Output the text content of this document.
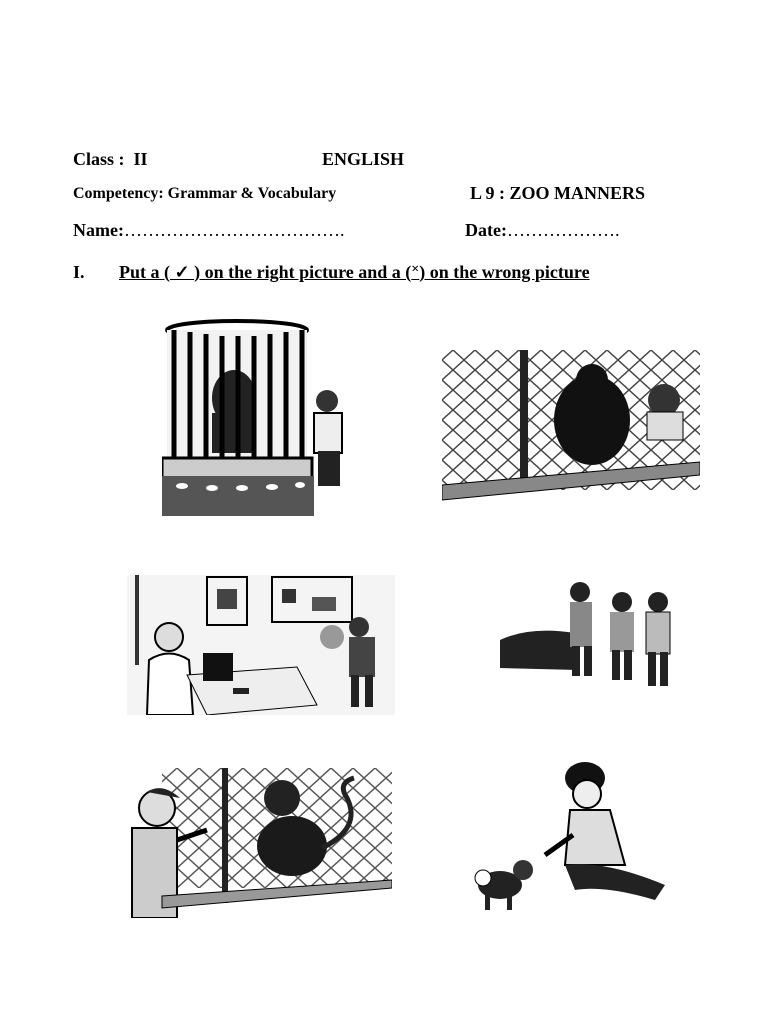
Class : II	ENGLISH
Competency: Grammar & Vocabulary	L 9 : ZOO MANNERS
Name:……………………………….	Date:……………….
I. Put a ( ✓ ) on the right picture and a (×) on the wrong picture
